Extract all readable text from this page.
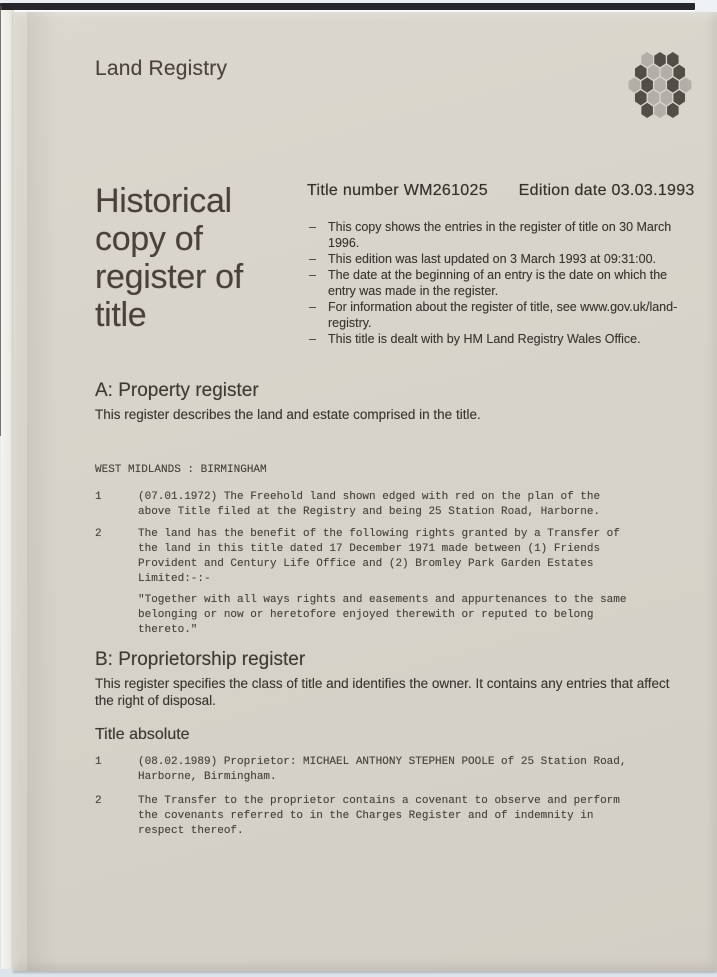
Land Registry
Historical copy of register of title
Title number WM261025 Edition date 03.03.1993
– This copy shows the entries in the register of title on 30 March 1996.
– This edition was last updated on 3 March 1993 at 09:31:00.
– The date at the beginning of an entry is the date on which the entry was made in the register.
– For information about the register of title, see www.gov.uk/land-registry.
– This title is dealt with by HM Land Registry Wales Office.
A: Property register

This register describes the land and estate comprised in the title.

WEST MIDLANDS : BIRMINGHAM
1	(07.01.1972) The Freehold land shown edged with red on the plan of the above Title filed at the Registry and being 25 Station Road, Harborne.

2	The land has the benefit of the following rights granted by a Transfer of the land in this title dated 17 December 1971 made between (1) Friends Provident and Century Life Office and (2) Bromley Park Garden Estates Limited:-:-

"Together with all ways rights and easements and appurtenances to the same belonging or now or heretofore enjoyed therewith or reputed to belong thereto."

B: Proprietorship register

This register specifies the class of title and identifies the owner. It contains any entries that affect the right of disposal.

Title absolute
1	(08.02.1989) Proprietor: MICHAEL ANTHONY STEPHEN POOLE of 25 Station Road, Harborne, Birmingham.

2	The Transfer to the proprietor contains a covenant to observe and perform the covenants referred to in the Charges Register and of indemnity in respect thereof.
